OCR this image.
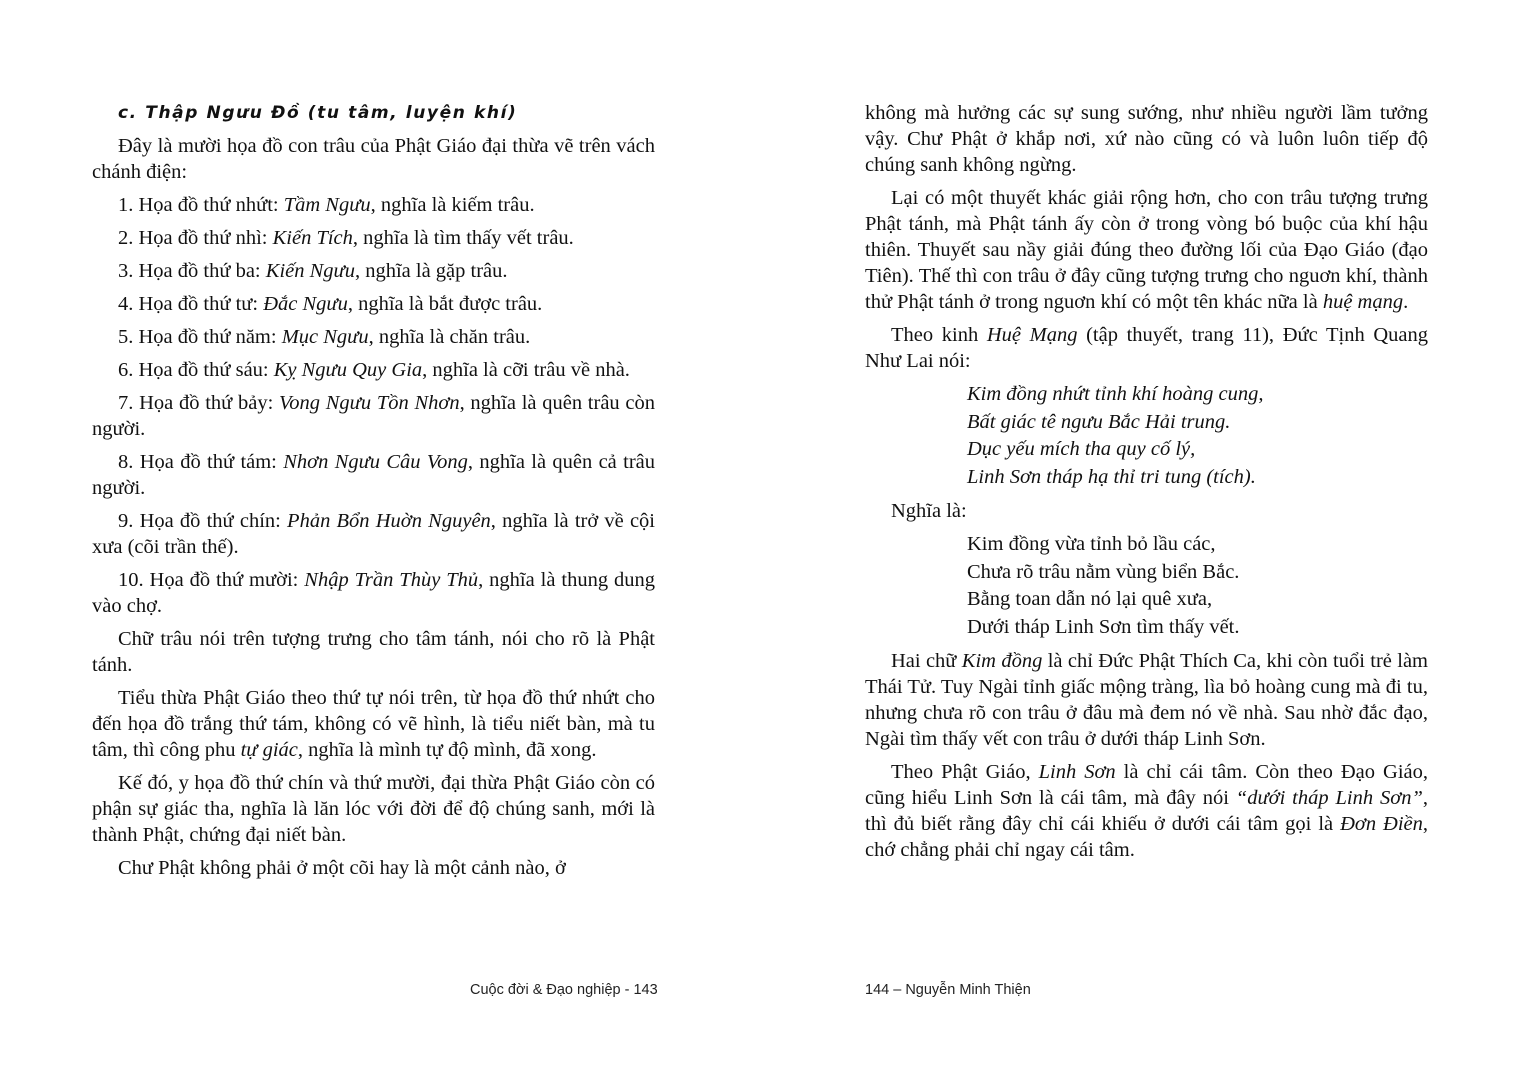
c. Thập Ngưu Đồ (tu tâm, luyện khí)

Đây là mười họa đồ con trâu của Phật Giáo đại thừa vẽ trên vách chánh điện:

1. Họa đồ thứ nhứt: Tầm Ngưu, nghĩa là kiếm trâu.

2. Họa đồ thứ nhì: Kiến Tích, nghĩa là tìm thấy vết trâu.

3. Họa đồ thứ ba: Kiến Ngưu, nghĩa là gặp trâu.

4. Họa đồ thứ tư: Đắc Ngưu, nghĩa là bắt được trâu.

5. Họa đồ thứ năm: Mục Ngưu, nghĩa là chăn trâu.

6. Họa đồ thứ sáu: Kỵ Ngưu Quy Gia, nghĩa là cỡi trâu về nhà.

7. Họa đồ thứ bảy: Vong Ngưu Tồn Nhơn, nghĩa là quên trâu còn người.

8. Họa đồ thứ tám: Nhơn Ngưu Câu Vong, nghĩa là quên cả trâu người.

9. Họa đồ thứ chín: Phản Bổn Huờn Nguyên, nghĩa là trở về cội xưa (cõi trần thế).

10. Họa đồ thứ mười: Nhập Trần Thùy Thủ, nghĩa là thung dung vào chợ.

Chữ trâu nói trên tượng trưng cho tâm tánh, nói cho rõ là Phật tánh.

Tiểu thừa Phật Giáo theo thứ tự nói trên, từ họa đồ thứ nhứt cho đến họa đồ trắng thứ tám, không có vẽ hình, là tiểu niết bàn, mà tu tâm, thì công phu tự giác, nghĩa là mình tự độ mình, đã xong.

Kế đó, y họa đồ thứ chín và thứ mười, đại thừa Phật Giáo còn có phận sự giác tha, nghĩa là lăn lóc với đời để độ chúng sanh, mới là thành Phật, chứng đại niết bàn.

Chư Phật không phải ở một cõi hay là một cảnh nào, ở

Cuộc đời & Đạo nghiệp - 143

không mà hưởng các sự sung sướng, như nhiều người lầm tưởng vậy. Chư Phật ở khắp nơi, xứ nào cũng có và luôn luôn tiếp độ chúng sanh không ngừng.

Lại có một thuyết khác giải rộng hơn, cho con trâu tượng trưng Phật tánh, mà Phật tánh ấy còn ở trong vòng bó buộc của khí hậu thiên. Thuyết sau nầy giải đúng theo đường lối của Đạo Giáo (đạo Tiên). Thế thì con trâu ở đây cũng tượng trưng cho nguơn khí, thành thử Phật tánh ở trong nguơn khí có một tên khác nữa là huệ mạng.

Theo kinh Huệ Mạng (tập thuyết, trang 11), Đức Tịnh Quang Như Lai nói:

Kim đồng nhứt tỉnh khí hoàng cung,
Bất giác tê ngưu Bắc Hải trung.
Dục yếu mích tha quy cố lý,
Linh Sơn tháp hạ thỉ tri tung (tích).
Nghĩa là:
Kim đồng vừa tỉnh bỏ lầu các,
Chưa rõ trâu nằm vùng biển Bắc.
Bằng toan dẫn nó lại quê xưa,
Dưới tháp Linh Sơn tìm thấy vết.

Hai chữ Kim đồng là chỉ Đức Phật Thích Ca, khi còn tuổi trẻ làm Thái Tử. Tuy Ngài tỉnh giấc mộng tràng, lìa bỏ hoàng cung mà đi tu, nhưng chưa rõ con trâu ở đâu mà đem nó về nhà. Sau nhờ đắc đạo, Ngài tìm thấy vết con trâu ở dưới tháp Linh Sơn.

Theo Phật Giáo, Linh Sơn là chỉ cái tâm. Còn theo Đạo Giáo, cũng hiểu Linh Sơn là cái tâm, mà đây nói “dưới tháp Linh Sơn”, thì đủ biết rằng đây chỉ cái khiếu ở dưới cái tâm gọi là Đơn Điền, chớ chẳng phải chỉ ngay cái tâm.

144 – Nguyễn Minh Thiện
